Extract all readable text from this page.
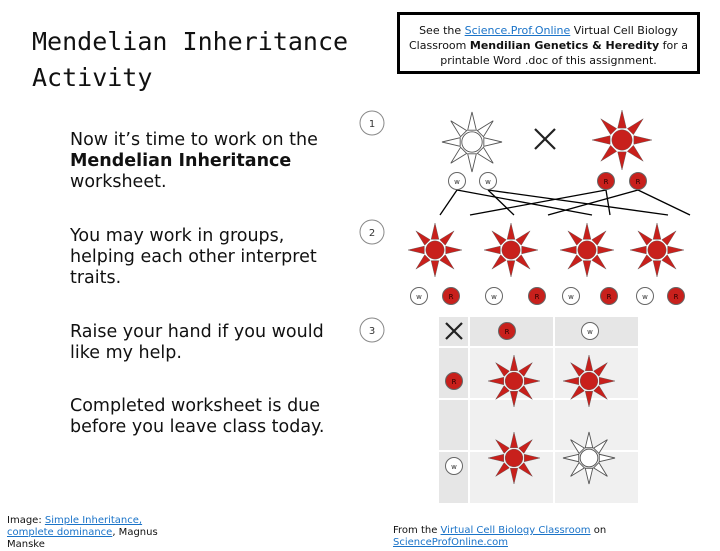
Mendelian Inheritance Activity
See the Science.Prof.Online Virtual Cell Biology Classroom Mendilian Genetics & Heredity for a printable Word .doc of this assignment.
Now it’s time to work on the Mendelian Inheritance worksheet.
You may work in groups, helping each other interpret traits.
Raise your hand if you would like my help.
Completed worksheet is due before you leave class today.
Image: Simple Inheritance, complete dominance, Magnus Manske
From the Virtual Cell Biology Classroom on ScienceProfOnline.com
1
2
3
w	w	R	R
w	R	w	R	w	R	w	R
R	w
R
w
